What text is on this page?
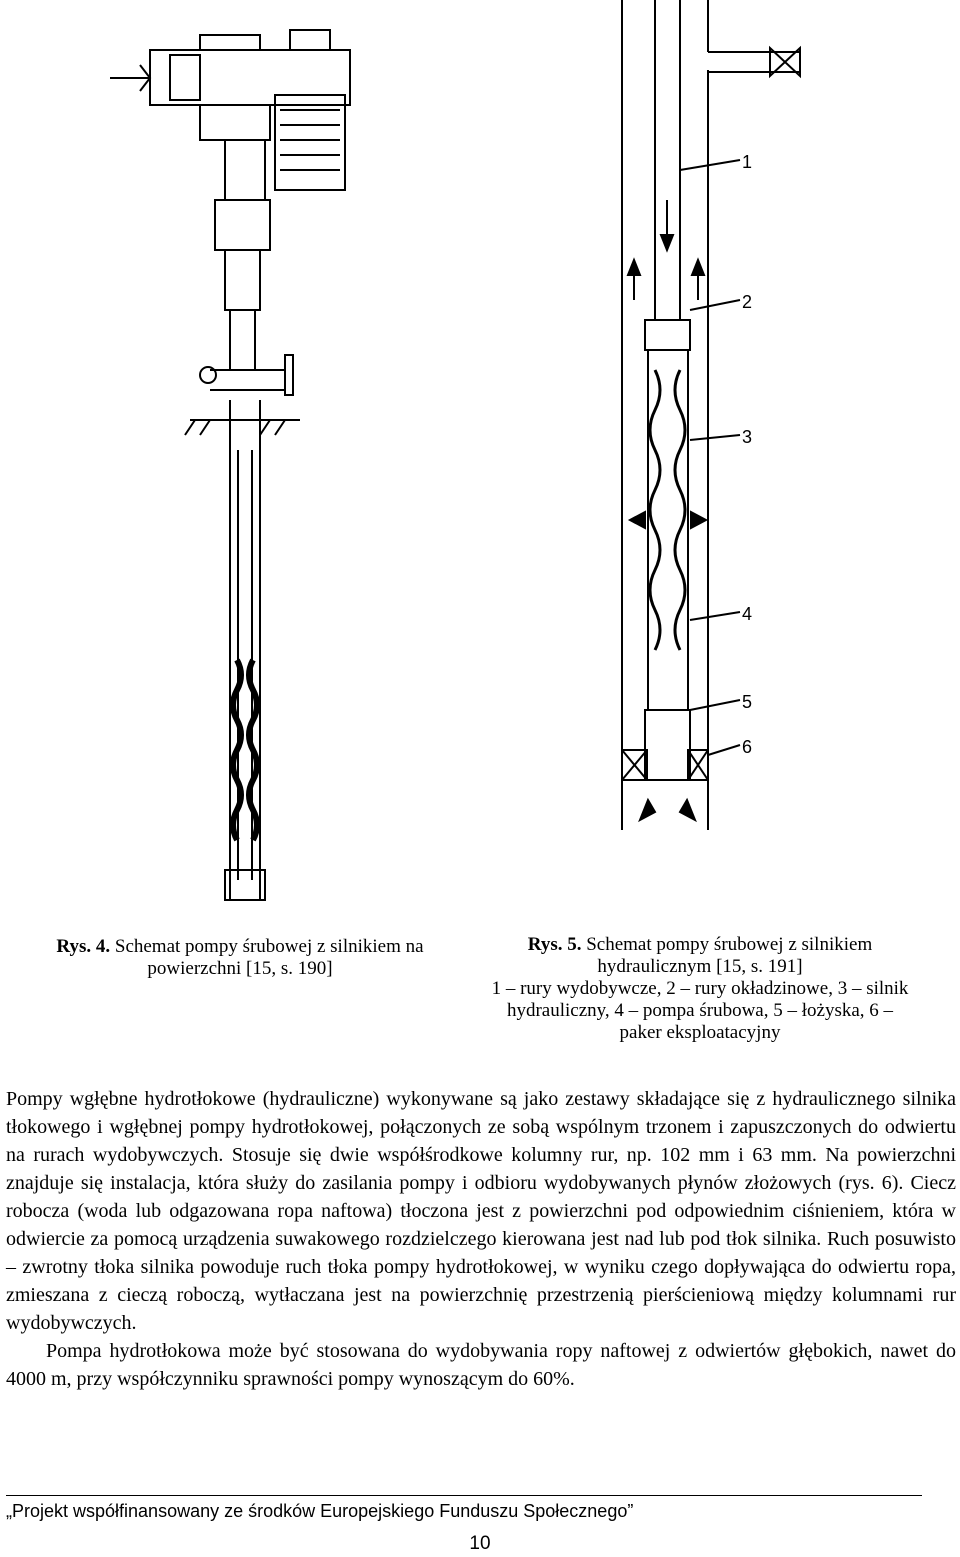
1
2
3
4
5
6
Rys. 4. Schemat pompy śrubowej z silnikiem na
powierzchni [15, s. 190]
Rys. 5. Schemat pompy śrubowej z silnikiem
hydraulicznym [15, s. 191]
1 – rury wydobywcze, 2 – rury okładzinowe, 3 – silnik
hydrauliczny, 4 – pompa śrubowa, 5 – łożyska, 6 –
paker eksploatacyjny

Pompy wgłębne hydrotłokowe (hydrauliczne) wykonywane są jako zestawy składające się z hydraulicznego silnika tłokowego i wgłębnej pompy hydrotłokowej, połączonych ze sobą wspólnym trzonem i zapuszczonych do odwiertu na rurach wydobywczych. Stosuje się dwie współśrodkowe kolumny rur, np. 102 mm i 63 mm. Na powierzchni znajduje się instalacja, która służy do zasilania pompy i odbioru wydobywanych płynów złożowych (rys. 6). Ciecz robocza (woda lub odgazowana ropa naftowa) tłoczona jest z powierzchni pod odpowiednim ciśnieniem, która w odwiercie za pomocą urządzenia suwakowego rozdzielczego kierowana jest nad lub pod tłok silnika. Ruch posuwisto – zwrotny tłoka silnika powoduje ruch tłoka pompy hydrotłokowej, w wyniku czego dopływająca do odwiertu ropa, zmieszana z cieczą roboczą, wytłaczana jest na powierzchnię przestrzenią pierścieniową między kolumnami rur wydobywczych.

Pompa hydrotłokowa może być stosowana do wydobywania ropy naftowej z odwiertów głębokich, nawet do 4000 m, przy współczynniku sprawności pompy wynoszącym do 60%.

„Projekt współfinansowany ze środków Europejskiego Funduszu Społecznego”
10
